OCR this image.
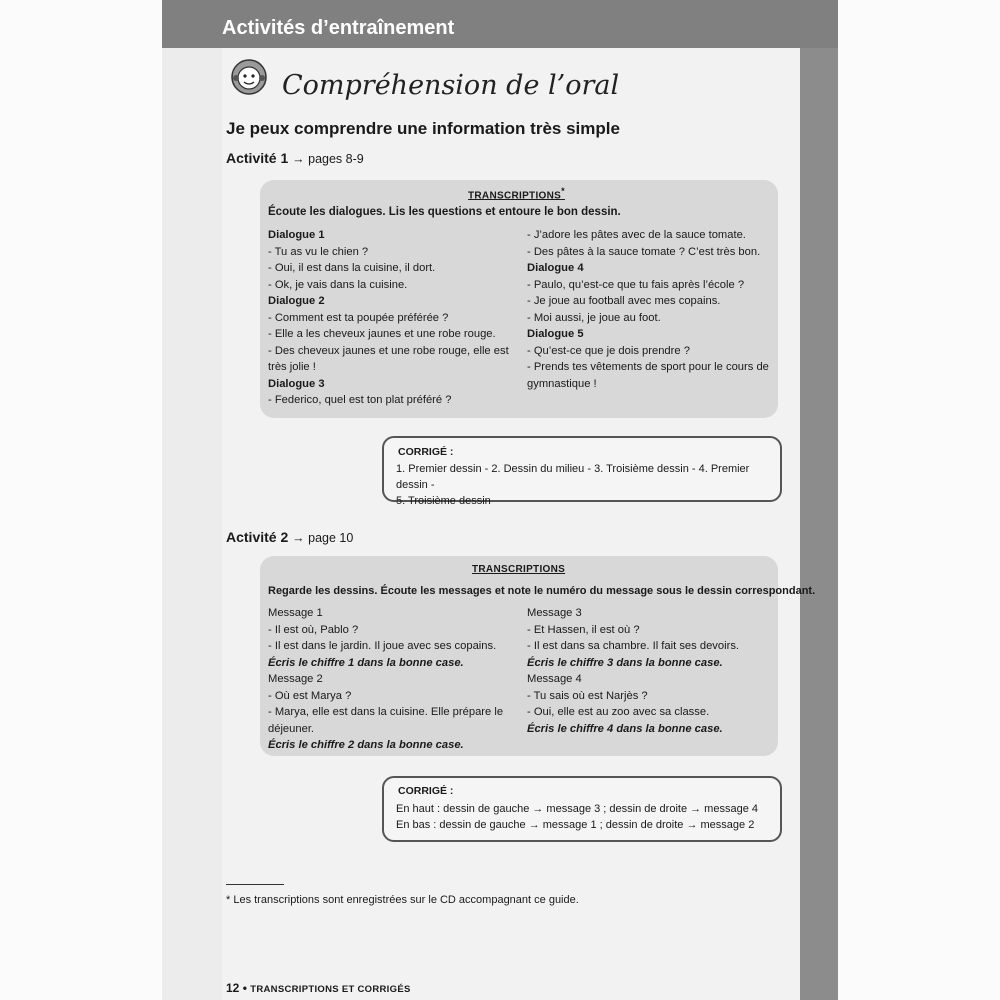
Activités d’entraînement
Compréhension de l’oral
Je peux comprendre une information très simple
Activité 1 → pages 8-9
TRANSCRIPTIONS*
Écoute les dialogues. Lis les questions et entoure le bon dessin.
Dialogue 1
- Tu as vu le chien ?
- Oui, il est dans la cuisine, il dort.
- Ok, je vais dans la cuisine.
Dialogue 2
- Comment est ta poupée préférée ?
- Elle a les cheveux jaunes et une robe rouge.
- Des cheveux jaunes et une robe rouge, elle est
très jolie !
Dialogue 3
- Federico, quel est ton plat préféré ?
- J’adore les pâtes avec de la sauce tomate.
- Des pâtes à la sauce tomate ? C’est très bon.
Dialogue 4
- Paulo, qu’est-ce que tu fais après l’école ?
- Je joue au football avec mes copains.
- Moi aussi, je joue au foot.
Dialogue 5
- Qu’est-ce que je dois prendre ?
- Prends tes vêtements de sport pour le cours de
gymnastique !
CORRIGÉ :
1. Premier dessin - 2. Dessin du milieu - 3. Troisième dessin - 4. Premier dessin -
5. Troisième dessin
Activité 2 → page 10
TRANSCRIPTIONS
Regarde les dessins. Écoute les messages et note le numéro du message sous le dessin correspondant.
Message 1
- Il est où, Pablo ?
- Il est dans le jardin. Il joue avec ses copains.
Écris le chiffre 1 dans la bonne case.
Message 2
- Où est Marya ?
- Marya, elle est dans la cuisine. Elle prépare le
déjeuner.
Écris le chiffre 2 dans la bonne case.
Message 3
- Et Hassen, il est où ?
- Il est dans sa chambre. Il fait ses devoirs.
Écris le chiffre 3 dans la bonne case.
Message 4
- Tu sais où est Narjès ?
- Oui, elle est au zoo avec sa classe.
Écris le chiffre 4 dans la bonne case.
CORRIGÉ :
En haut : dessin de gauche → message 3 ; dessin de droite → message 4
En bas : dessin de gauche → message 1 ; dessin de droite → message 2
* Les transcriptions sont enregistrées sur le CD accompagnant ce guide.
12 • TRANSCRIPTIONS ET CORRIGÉS
